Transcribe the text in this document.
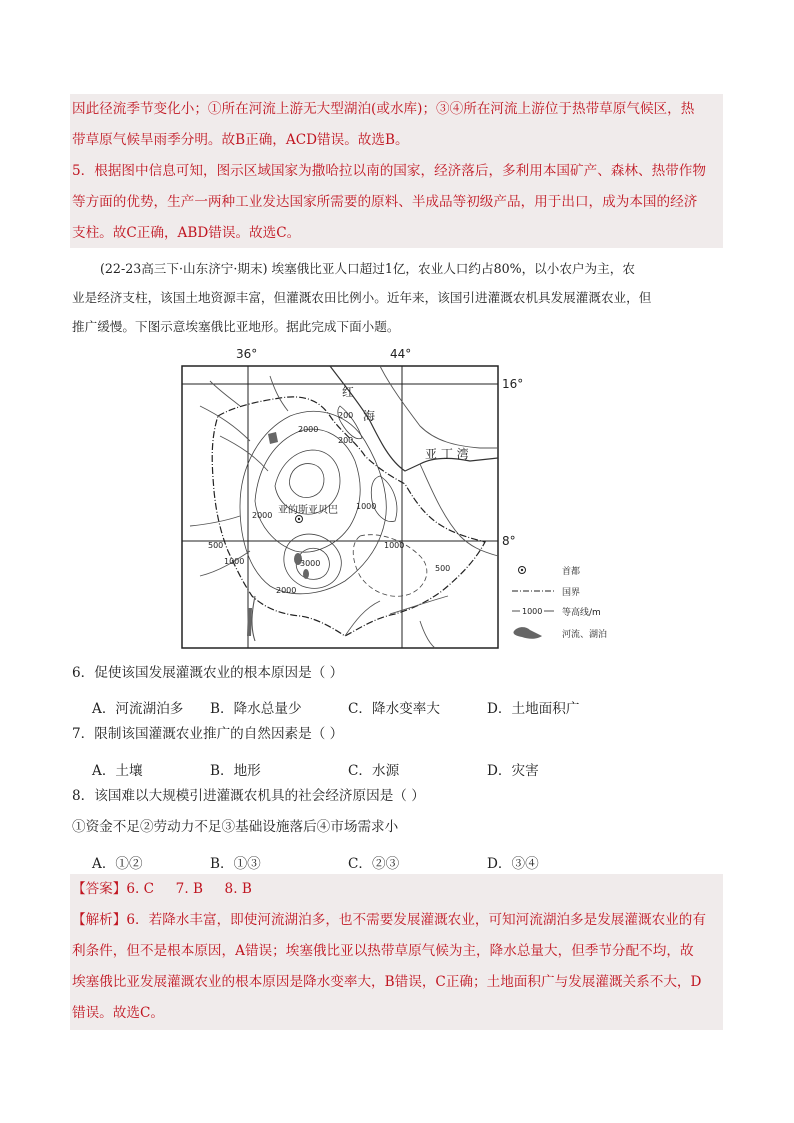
因此径流季节变化小；①所在河流上游无大型湖泊(或水库)；③④所在河流上游位于热带草原气候区，热
带草原气候旱雨季分明。故B正确，ACD错误。故选B。
5．根据图中信息可知，图示区域国家为撒哈拉以南的国家，经济落后，多利用本国矿产、森林、热带作物
等方面的优势，生产一两种工业发达国家所需要的原料、半成品等初级产品，用于出口，成为本国的经济
支柱。故C正确，ABD错误。故选C。
(22-23高三下·山东济宁·期末) 埃塞俄比亚人口超过1亿，农业人口约占80%，以小农户为主，农
业是经济支柱，该国土地资源丰富，但灌溉农田比例小。近年来，该国引进灌溉农机具发展灌溉农业，但
推广缓慢。下图示意埃塞俄比亚地形。据此完成下面小题。
36°	44°
16°
8°
红
海
亚 丁 湾
亚的斯亚贝巴
2000
200
200
2000
1000
500
1000	3000
2000
1000
500	首都
国界
1000 等高线/m
河流、湖泊
6．促使该国发展灌溉农业的根本原因是（ ）
A．河流湖泊多 B．降水总量少	C．降水变率大	D．土地面积广
7．限制该国灌溉农业推广的自然因素是（ ）
A．土壤	B．地形	C．水源	D．灾害
8．该国难以大规模引进灌溉农机具的社会经济原因是（ ）
①资金不足②劳动力不足③基础设施落后④市场需求小
A．①②	B．①③	C．②③	D．③④
【答案】6. C     7. B     8. B
【解析】6．若降水丰富，即使河流湖泊多，也不需要发展灌溉农业，可知河流湖泊多是发展灌溉农业的有
利条件，但不是根本原因，A错误；埃塞俄比亚以热带草原气候为主，降水总量大，但季节分配不均，故
埃塞俄比亚发展灌溉农业的根本原因是降水变率大，B错误，C正确；土地面积广与发展灌溉关系不大，D
错误。故选C。
